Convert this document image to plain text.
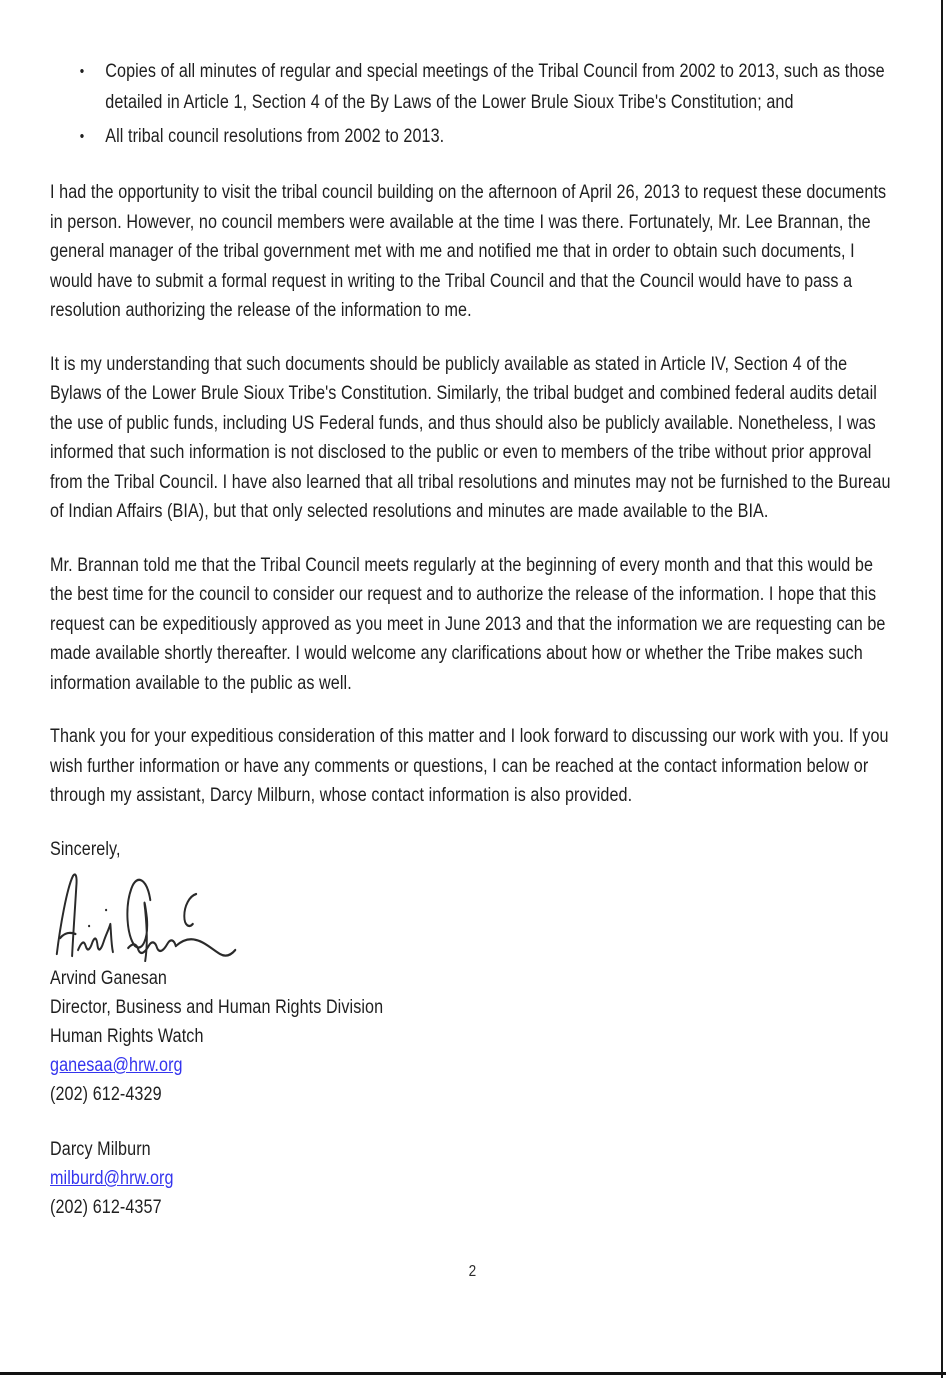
• Copies of all minutes of regular and special meetings of the Tribal Council from 2002 to 2013, such as those detailed in Article 1, Section 4 of the By Laws of the Lower Brule Sioux Tribe's Constitution; and
• All tribal council resolutions from 2002 to 2013.

I had the opportunity to visit the tribal council building on the afternoon of April 26, 2013 to request these documents in person. However, no council members were available at the time I was there. Fortunately, Mr. Lee Brannan, the general manager of the tribal government met with me and notified me that in order to obtain such documents, I would have to submit a formal request in writing to the Tribal Council and that the Council would have to pass a resolution authorizing the release of the information to me.

It is my understanding that such documents should be publicly available as stated in Article IV, Section 4 of the Bylaws of the Lower Brule Sioux Tribe's Constitution. Similarly, the tribal budget and combined federal audits detail the use of public funds, including US Federal funds, and thus should also be publicly available. Nonetheless, I was informed that such information is not disclosed to the public or even to members of the tribe without prior approval from the Tribal Council. I have also learned that all tribal resolutions and minutes may not be furnished to the Bureau of Indian Affairs (BIA), but that only selected resolutions and minutes are made available to the BIA.

Mr. Brannan told me that the Tribal Council meets regularly at the beginning of every month and that this would be the best time for the council to consider our request and to authorize the release of the information. I hope that this request can be expeditiously approved as you meet in June 2013 and that the information we are requesting can be made available shortly thereafter. I would welcome any clarifications about how or whether the Tribe makes such information available to the public as well.

Thank you for your expeditious consideration of this matter and I look forward to discussing our work with you. If you wish further information or have any comments or questions, I can be reached at the contact information below or through my assistant, Darcy Milburn, whose contact information is also provided.

Sincerely,
Arvind Ganesan
Director, Business and Human Rights Division
Human Rights Watch
ganesaa@hrw.org
(202) 612-4329
Darcy Milburn
milburd@hrw.org
(202) 612-4357
2
